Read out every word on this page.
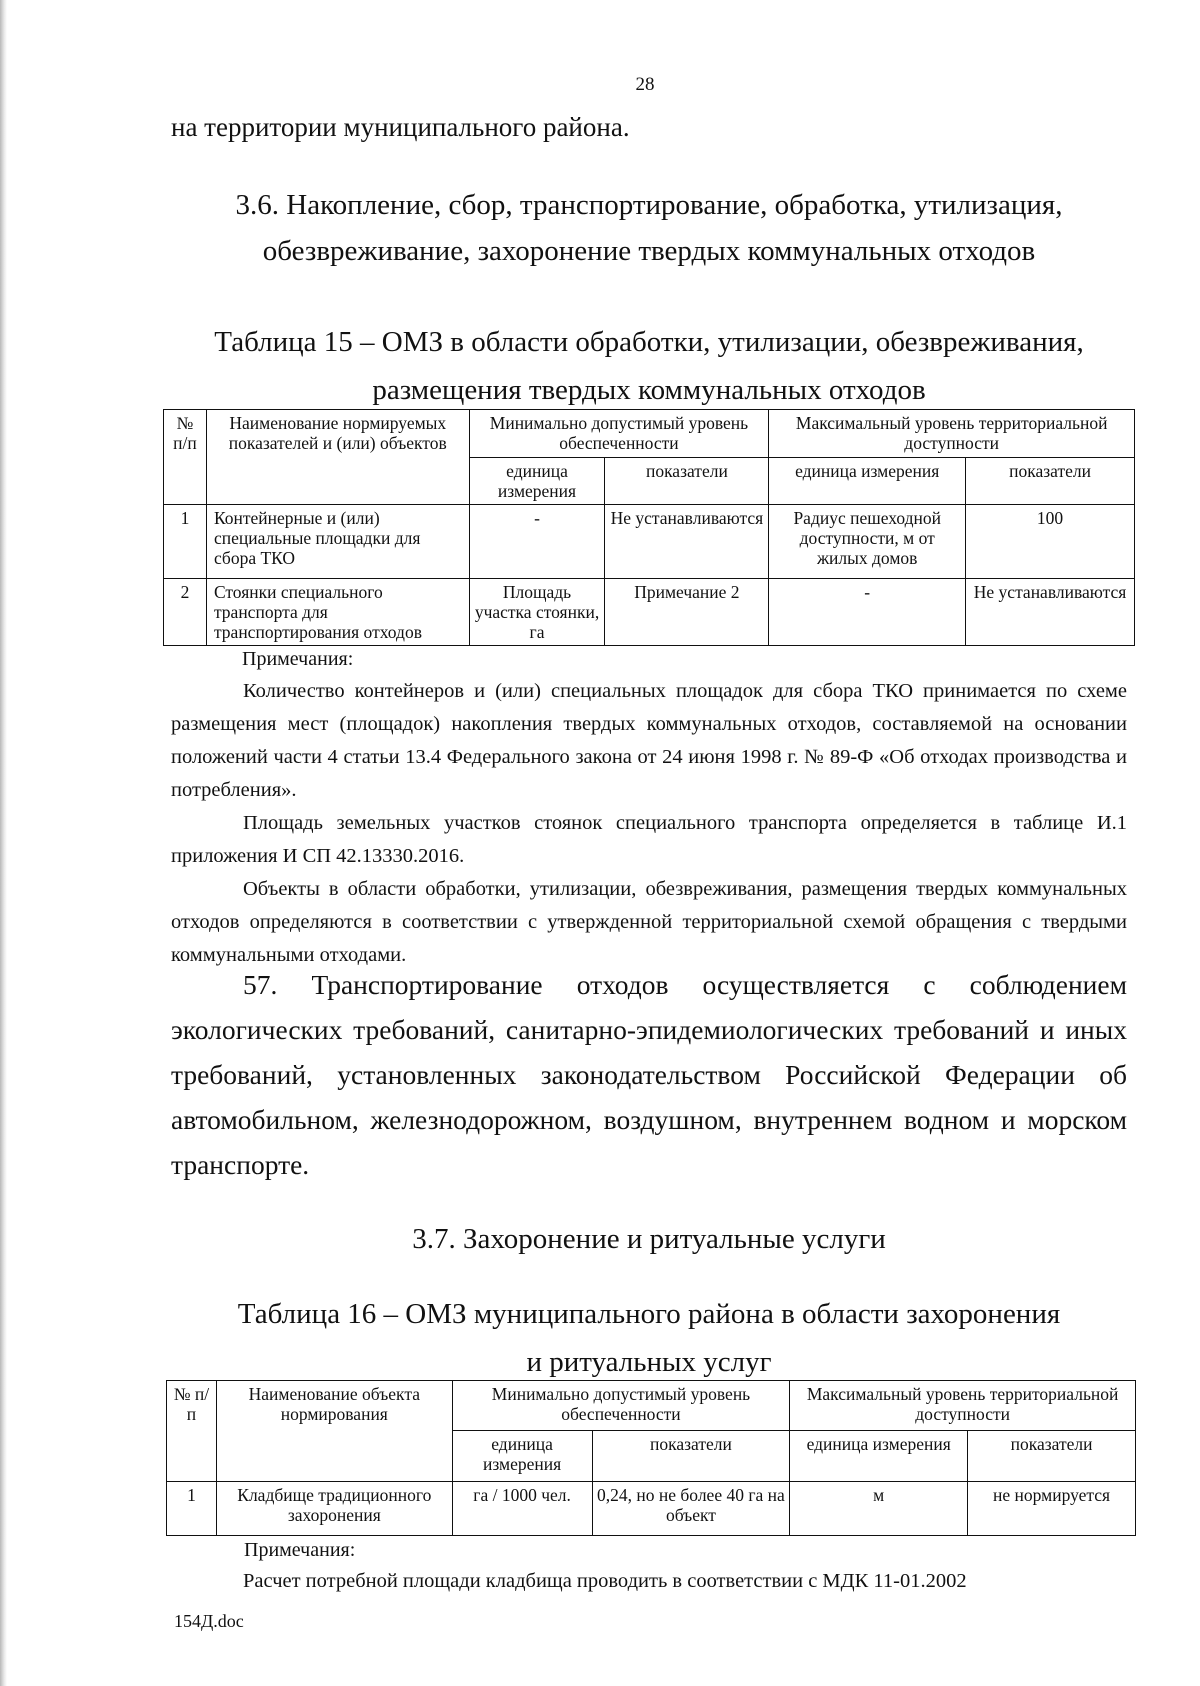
28
на территории муниципального района.
3.6. Накопление, сбор, транспортирование, обработка, утилизация,
обезвреживание, захоронение твердых коммунальных отходов
Таблица 15 – ОМЗ в области обработки, утилизации, обезвреживания,
размещения твердых коммунальных отходов
№ п/п	Наименование нормируемых показателей и (или) объектов	Минимально допустимый уровень обеспеченности		Максимальный уровень территориальной доступности	
		единица измерения	показатели	единица измерения	показатели
1	Контейнерные и (или) специальные площадки для сбора ТКО	-	Не устанавливаются	Радиус пешеходной доступности, м от жилых домов	100
2	Стоянки специального транспорта для транспортирования отходов	Площадь участка стоянки, га	Примечание 2	-	Не устанавливаются
Примечания:
Количество контейнеров и (или) специальных площадок для сбора ТКО принимается по схеме размещения мест (площадок) накопления твердых коммунальных отходов, составляемой на основании положений части 4 статьи 13.4 Федерального закона от 24 июня 1998 г. № 89-Ф «Об отходах производства и потребления».
Площадь земельных участков стоянок специального транспорта определяется в таблице И.1 приложения И СП 42.13330.2016.
Объекты в области обработки, утилизации, обезвреживания, размещения твердых коммунальных отходов определяются в соответствии с утвержденной территориальной схемой обращения с твердыми коммунальными отходами.
57. Транспортирование отходов осуществляется с соблюдением экологических требований, санитарно-эпидемиологических требований и иных требований, установленных законодательством Российской Федерации об автомобильном, железнодорожном, воздушном, внутреннем водном и морском транспорте.
3.7. Захоронение и ритуальные услуги
Таблица 16 – ОМЗ муниципального района в области захоронения
и ритуальных услуг
№ п/п	Наименование объекта нормирования	Минимально допустимый уровень обеспеченности		Максимальный уровень территориальной доступности	
		единица измерения	показатели	единица измерения	показатели
1	Кладбище традиционного захоронения	га / 1000 чел.	0,24, но не более 40 га на объект	м	не нормируется
Примечания:
Расчет потребной площади кладбища проводить в соответствии с МДК 11-01.2002
154Д.doc
